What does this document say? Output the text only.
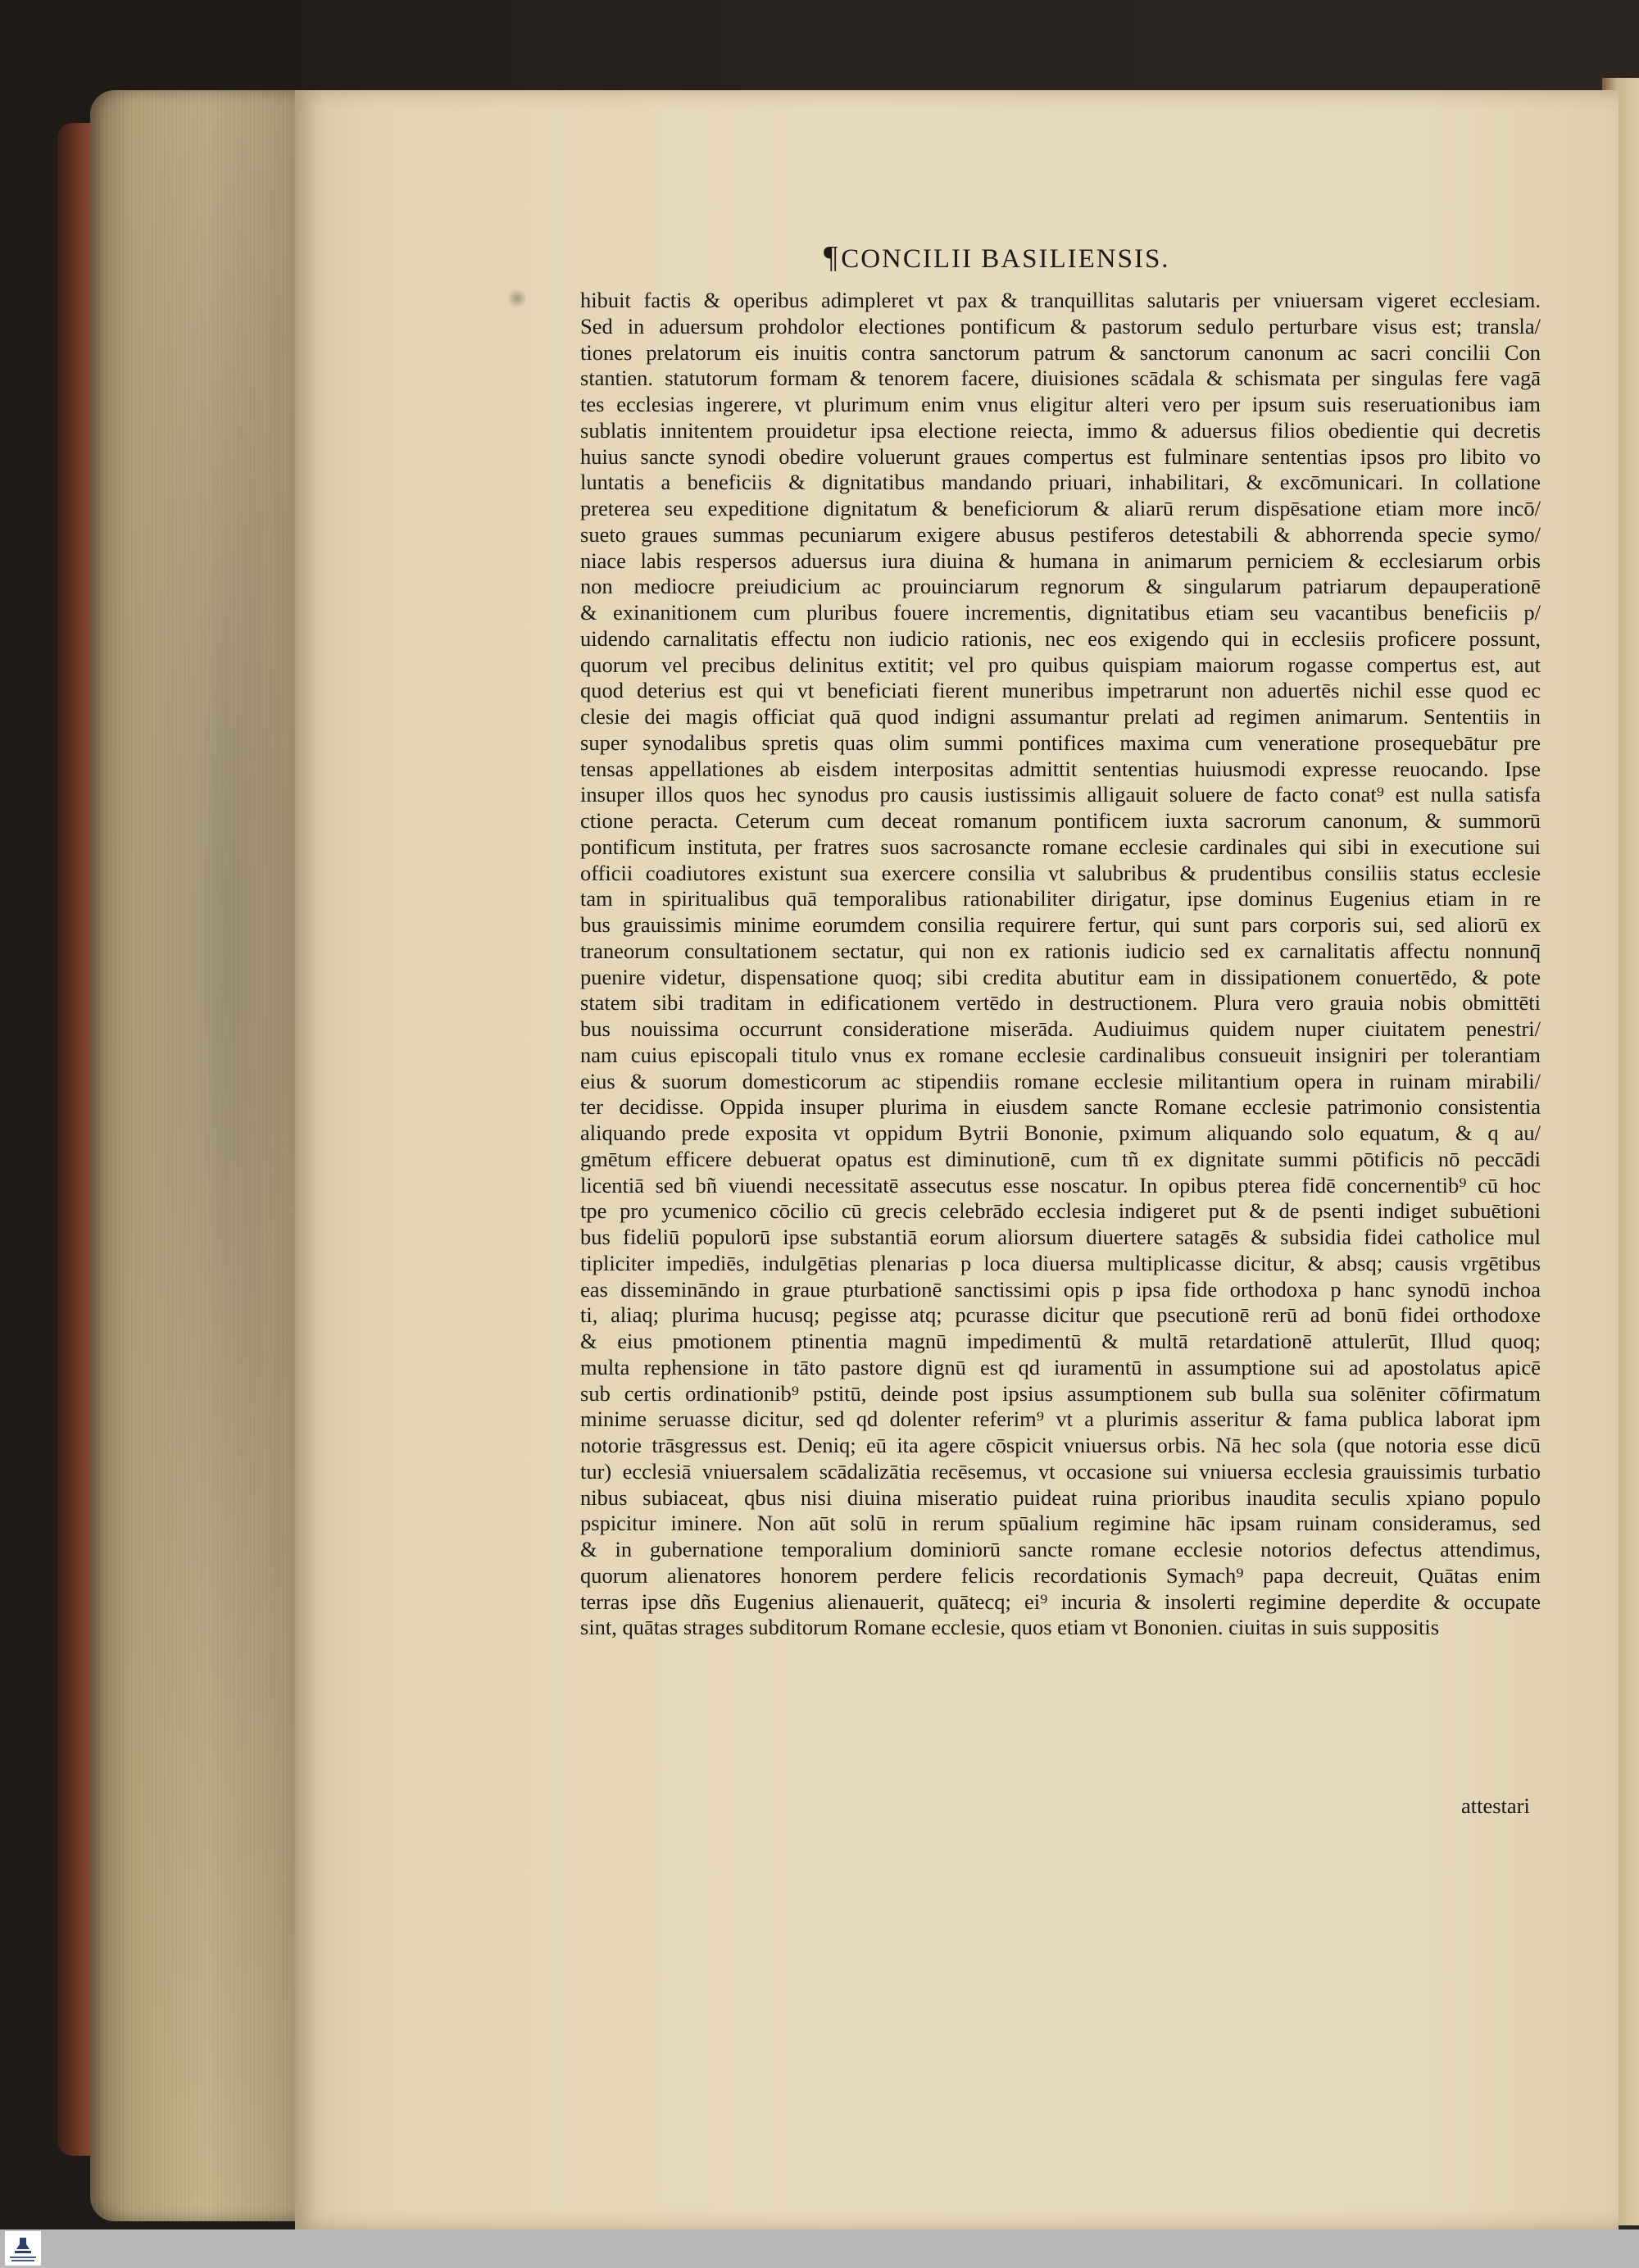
¶CONCILII BASILIENSIS.
hibuit factis & operibus adimpleret vt pax & tranquillitas salutaris per vniuersam vigeret ecclesiam.
Sed in aduersum prohdolor electiones pontificum & pastorum sedulo perturbare visus est; transla/
tiones prelatorum eis inuitis contra sanctorum patrum & sanctorum canonum ac sacri concilii Con
stantien. statutorum formam & tenorem facere, diuisiones scādala & schismata per singulas fere vagā
tes ecclesias ingerere, vt plurimum enim vnus eligitur alteri vero per ipsum suis reseruationibus iam
sublatis innitentem prouidetur ipsa electione reiecta, immo & aduersus filios obedientie qui decretis
huius sancte synodi obedire voluerunt graues compertus est fulminare sententias ipsos pro libito vo
luntatis a beneficiis & dignitatibus mandando priuari, inhabilitari, & excōmunicari. In collatione
preterea seu expeditione dignitatum & beneficiorum & aliarū rerum dispēsatione etiam more incō/
sueto graues summas pecuniarum exigere abusus pestiferos detestabili & abhorrenda specie symo/
niace labis respersos aduersus iura diuina & humana in animarum perniciem & ecclesiarum orbis
non mediocre preiudicium ac prouinciarum regnorum & singularum patriarum depauperationē
& exinanitionem cum pluribus fouere incrementis, dignitatibus etiam seu vacantibus beneficiis p/
uidendo carnalitatis effectu non iudicio rationis, nec eos exigendo qui in ecclesiis proficere possunt,
quorum vel precibus delinitus extitit; vel pro quibus quispiam maiorum rogasse compertus est, aut
quod deterius est qui vt beneficiati fierent muneribus impetrarunt non aduertēs nichil esse quod ec
clesie dei magis officiat quā quod indigni assumantur prelati ad regimen animarum. Sententiis in
super synodalibus spretis quas olim summi pontifices maxima cum veneratione prosequebātur pre
tensas appellationes ab eisdem interpositas admittit sententias huiusmodi expresse reuocando. Ipse
insuper illos quos hec synodus pro causis iustissimis alligauit soluere de facto conat⁹ est nulla satisfa
ctione peracta. Ceterum cum deceat romanum pontificem iuxta sacrorum canonum, & summorū
pontificum instituta, per fratres suos sacrosancte romane ecclesie cardinales qui sibi in executione sui
officii coadiutores existunt sua exercere consilia vt salubribus & prudentibus consiliis status ecclesie
tam in spiritualibus quā temporalibus rationabiliter dirigatur, ipse dominus Eugenius etiam in re
bus grauissimis minime eorumdem consilia requirere fertur, qui sunt pars corporis sui, sed aliorū ex
traneorum consultationem sectatur, qui non ex rationis iudicio sed ex carnalitatis affectu nonnunq̄
puenire videtur, dispensatione quoq; sibi credita abutitur eam in dissipationem conuertēdo, & pote
statem sibi traditam in edificationem vertēdo in destructionem. Plura vero grauia nobis obmittēti
bus nouissima occurrunt consideratione miserāda. Audiuimus quidem nuper ciuitatem penestri/
nam cuius episcopali titulo vnus ex romane ecclesie cardinalibus consueuit insigniri per tolerantiam
eius & suorum domesticorum ac stipendiis romane ecclesie militantium opera in ruinam mirabili/
ter decidisse. Oppida insuper plurima in eiusdem sancte Romane ecclesie patrimonio consistentia
aliquando prede exposita vt oppidum Bytrii Bononie, pximum aliquando solo equatum, & q au/
gmētum efficere debuerat opatus est diminutionē, cum tñ ex dignitate summi pōtificis nō peccādi
licentiā sed bñ viuendi necessitatē assecutus esse noscatur. In opibus pterea fidē concernentib⁹ cū hoc
tpe pro ycumenico cōcilio cū grecis celebrādo ecclesia indigeret put & de psenti indiget subuētioni
bus fideliū populorū ipse substantiā eorum aliorsum diuertere satagēs & subsidia fidei catholice mul
tipliciter impediēs, indulgētias plenarias p loca diuersa multiplicasse dicitur, & absq; causis vrgētibus
eas dissemināndo in graue pturbationē sanctissimi opis p ipsa fide orthodoxa p hanc synodū inchoa
ti, aliaq; plurima hucusq; pegisse atq; pcurasse dicitur que psecutionē rerū ad bonū fidei orthodoxe
& eius pmotionem ptinentia magnū impedimentū & multā retardationē attulerūt, Illud quoq;
multa rephensione in tāto pastore dignū est qd iuramentū in assumptione sui ad apostolatus apicē
sub certis ordinationib⁹ pstitū, deinde post ipsius assumptionem sub bulla sua solēniter cōfirmatum
minime seruasse dicitur, sed qd dolenter referim⁹ vt a plurimis asseritur & fama publica laborat ipm
notorie trāsgressus est. Deniq; eū ita agere cōspicit vniuersus orbis. Nā hec sola (que notoria esse dicū
tur) ecclesiā vniuersalem scādalizātia recēsemus, vt occasione sui vniuersa ecclesia grauissimis turbatio
nibus subiaceat, qbus nisi diuina miseratio puideat ruina prioribus inaudita seculis xpiano populo
pspicitur iminere. Non aūt solū in rerum spūalium regimine hāc ipsam ruinam consideramus, sed
& in gubernatione temporalium dominiorū sancte romane ecclesie notorios defectus attendimus,
quorum alienatores honorem perdere felicis recordationis Symach⁹ papa decreuit, Quātas enim
terras ipse dñs Eugenius alienauerit, quātecq; ei⁹ incuria & insolerti regimine deperdite & occupate
sint, quātas strages subditorum Romane ecclesie, quos etiam vt Bononien. ciuitas in suis suppositis
attestari
